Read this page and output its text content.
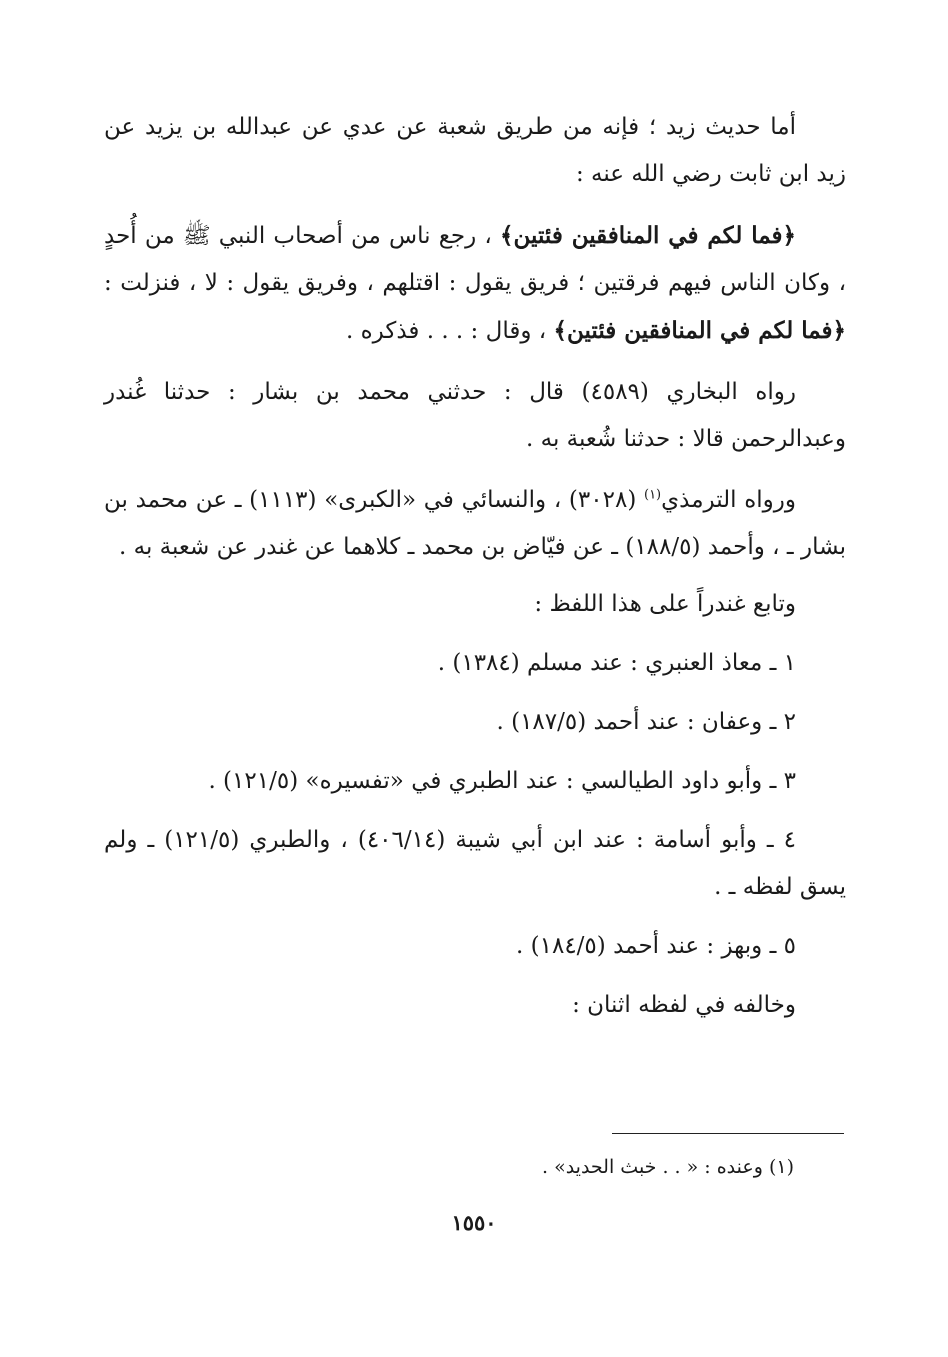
أما حديث زيد ؛ فإنه من طريق شعبة عن عدي عن عبدالله بن يزيد عن زيد ابن ثابت رضي الله عنه :

﴿فما لكم في المنافقين فئتين﴾ ، رجع ناس من أصحاب النبي ﷺ من أُحدٍ ، وكان الناس فيهم فرقتين ؛ فريق يقول : اقتلهم ، وفريق يقول : لا ، فنزلت : ﴿فما لكم في المنافقين فئتين﴾ ، وقال : . . . فذكره .

رواه البخاري (٤٥٨٩) قال : حدثني محمد بن بشار : حدثنا غُندر وعبدالرحمن قالا : حدثنا شُعبة به .

ورواه الترمذي$^{(١)}$ (٣٠٢٨) ، والنسائي في «الكبرى» (١١١٣) ـ عن محمد بن بشار ـ ، وأحمد (١٨٨/٥) ـ عن فيّاض بن محمد ـ كلاهما عن غندر عن شعبة به .

وتابع غندراً على هذا اللفظ :

١ ـ معاذ العنبري : عند مسلم (١٣٨٤) .

٢ ـ وعفان : عند أحمد (١٨٧/٥) .

٣ ـ وأبو داود الطيالسي : عند الطبري في «تفسيره» (١٢١/٥) .

٤ ـ وأبو أسامة : عند ابن أبي شيبة (٤٠٦/١٤) ، والطبري (١٢١/٥) ـ ولم يسق لفظه ـ .

٥ ـ وبهز : عند أحمد (١٨٤/٥) .

وخالفه في لفظه اثنان :

(١) وعنده : « . . خبث الحديد» .
١٥٥٠
